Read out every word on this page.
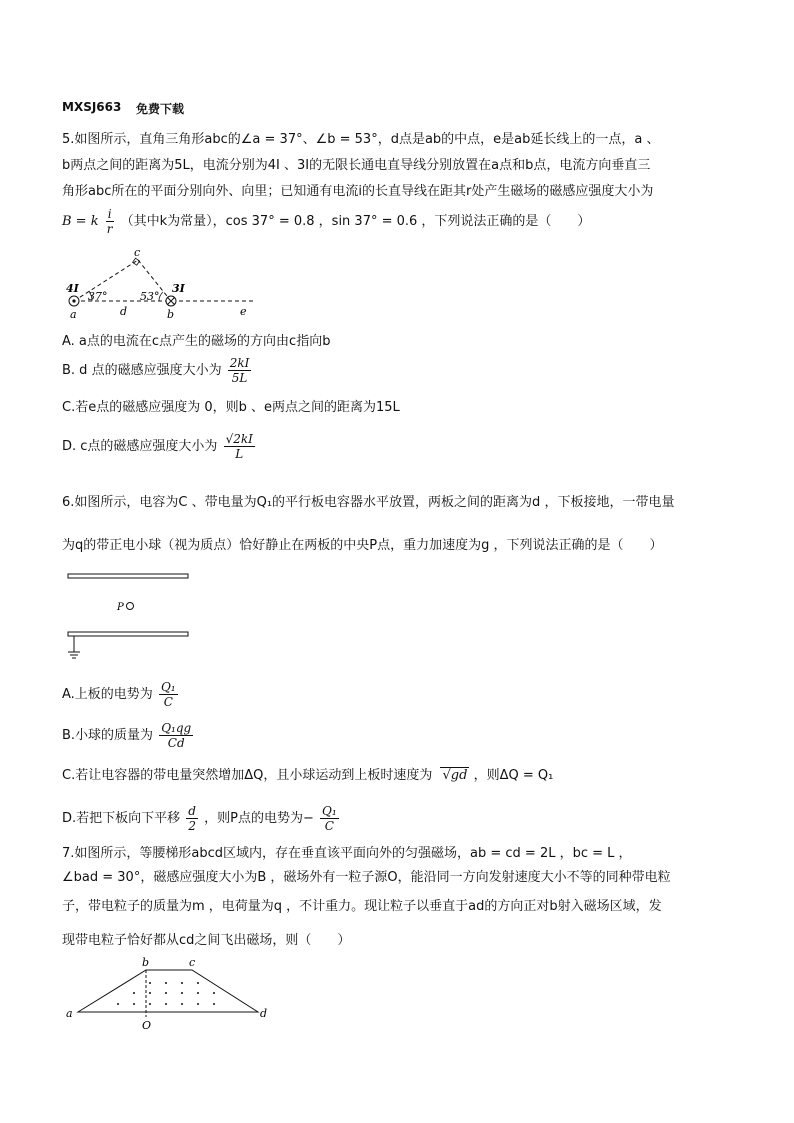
MXSJ663 免费下载
5.如图所示，直角三角形abc的∠a = 37°、∠b = 53°，d点是ab的中点，e是ab延长线上的一点，a 、
b两点之间的距离为5L，电流分别为4I 、3I的无限长通电直导线分别放置在a点和b点，电流方向垂直三
角形abc所在的平面分别向外、向里；已知通有电流i的长直导线在距其r处产生磁场的磁感应强度大小为
B = k $\frac{i}{r}$ （其中k为常量），cos 37° = 0.8 ，sin 37° = 0.6 ，下列说法正确的是（　　）
c
4I	3I
37°	53°
a	b
d	e
A. a点的电流在c点产生的磁场的方向由c指向b
B. d 点的磁感应强度大小为 $\frac{2kI}{5L}$
C.若e点的磁感应强度为 0，则b 、e两点之间的距离为15L
D. c点的磁感应强度大小为 $\frac{√2kI}{L}$
6.如图所示，电容为C 、带电量为Q₁的平行板电容器水平放置，两板之间的距离为d ，下板接地，一带电量
为q的带正电小球（视为质点）恰好静止在两板的中央P点，重力加速度为g ，下列说法正确的是（　　）
P
A.上板的电势为 $\frac{\text{Q₁}}{C}$
B.小球的质量为 $\frac{\text{Q₁qg}}{Cd}$
C.若让电容器的带电量突然增加ΔQ，且小球运动到上板时速度为 √gd ，则ΔQ = Q₁
D.若把下板向下平移 $\frac{d}{2}$ ，则P点的电势为− $\frac{\text{Q₁}}{C}$
7.如图所示，等腰梯形abcd区域内，存在垂直该平面向外的匀强磁场，ab = cd = 2L ，bc = L ，
∠bad = 30°，磁感应强度大小为B ，磁场外有一粒子源O，能沿同一方向发射速度大小不等的同种带电粒
子，带电粒子的质量为m ，电荷量为q ，不计重力。现让粒子以垂直于ad的方向正对b射入磁场区域，发
现带电粒子恰好都从cd之间飞出磁场，则（　　）
a
b	c
d
O
